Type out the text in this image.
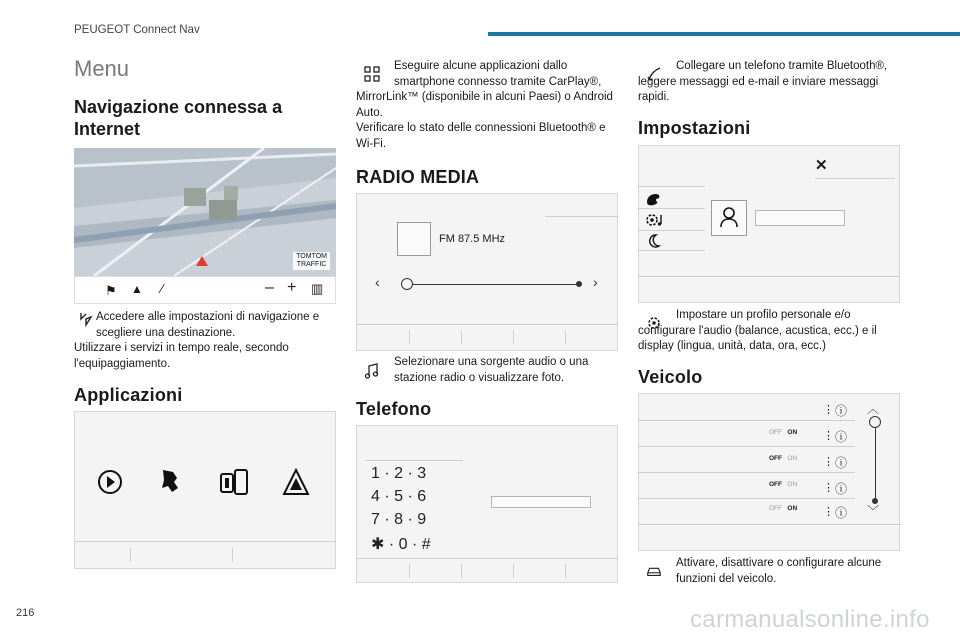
PEUGEOT Connect Nav
216	carmanualsonline.info
Menu
Navigazione connessa a Internet
TOMTOM
TRAFFIC
⚑ ▲ ∕	– + ▥
Accedere alle impostazioni di navigazione e scegliere una destinazione.
Utilizzare i servizi in tempo reale, secondo l'equipaggiamento.
Applicazioni
Eseguire alcune applicazioni dallo smartphone connesso tramite CarPlay®,
MirrorLink™ (disponibile in alcuni Paesi) o Android Auto.
Verificare lo stato delle connessioni Bluetooth® e Wi-Fi.
RADIO MEDIA
FM 87.5 MHz
‹	›
Selezionare una sorgente audio o una stazione radio o visualizzare foto.
Telefono
1 · 2 · 3
4 · 5 · 6
7 · 8 · 9
✱ · 0 · #
Collegare un telefono tramite Bluetooth®,
leggere messaggi ed e-mail e inviare messaggi rapidi.
Impostazioni
✕
Impostare un profilo personale e/o configurare l'audio (balance, acustica, ecc.) e il display (lingua, unità, data, ora, ecc.)
Veicolo
⋮ ⓘ
OFF ON ⋮ ⓘ
OFF ON ⋮ ⓘ
OFF ON ⋮ ⓘ
OFF ON ⋮ ⓘ
︿
﹀
Attivare, disattivare o configurare alcune funzioni del veicolo.
